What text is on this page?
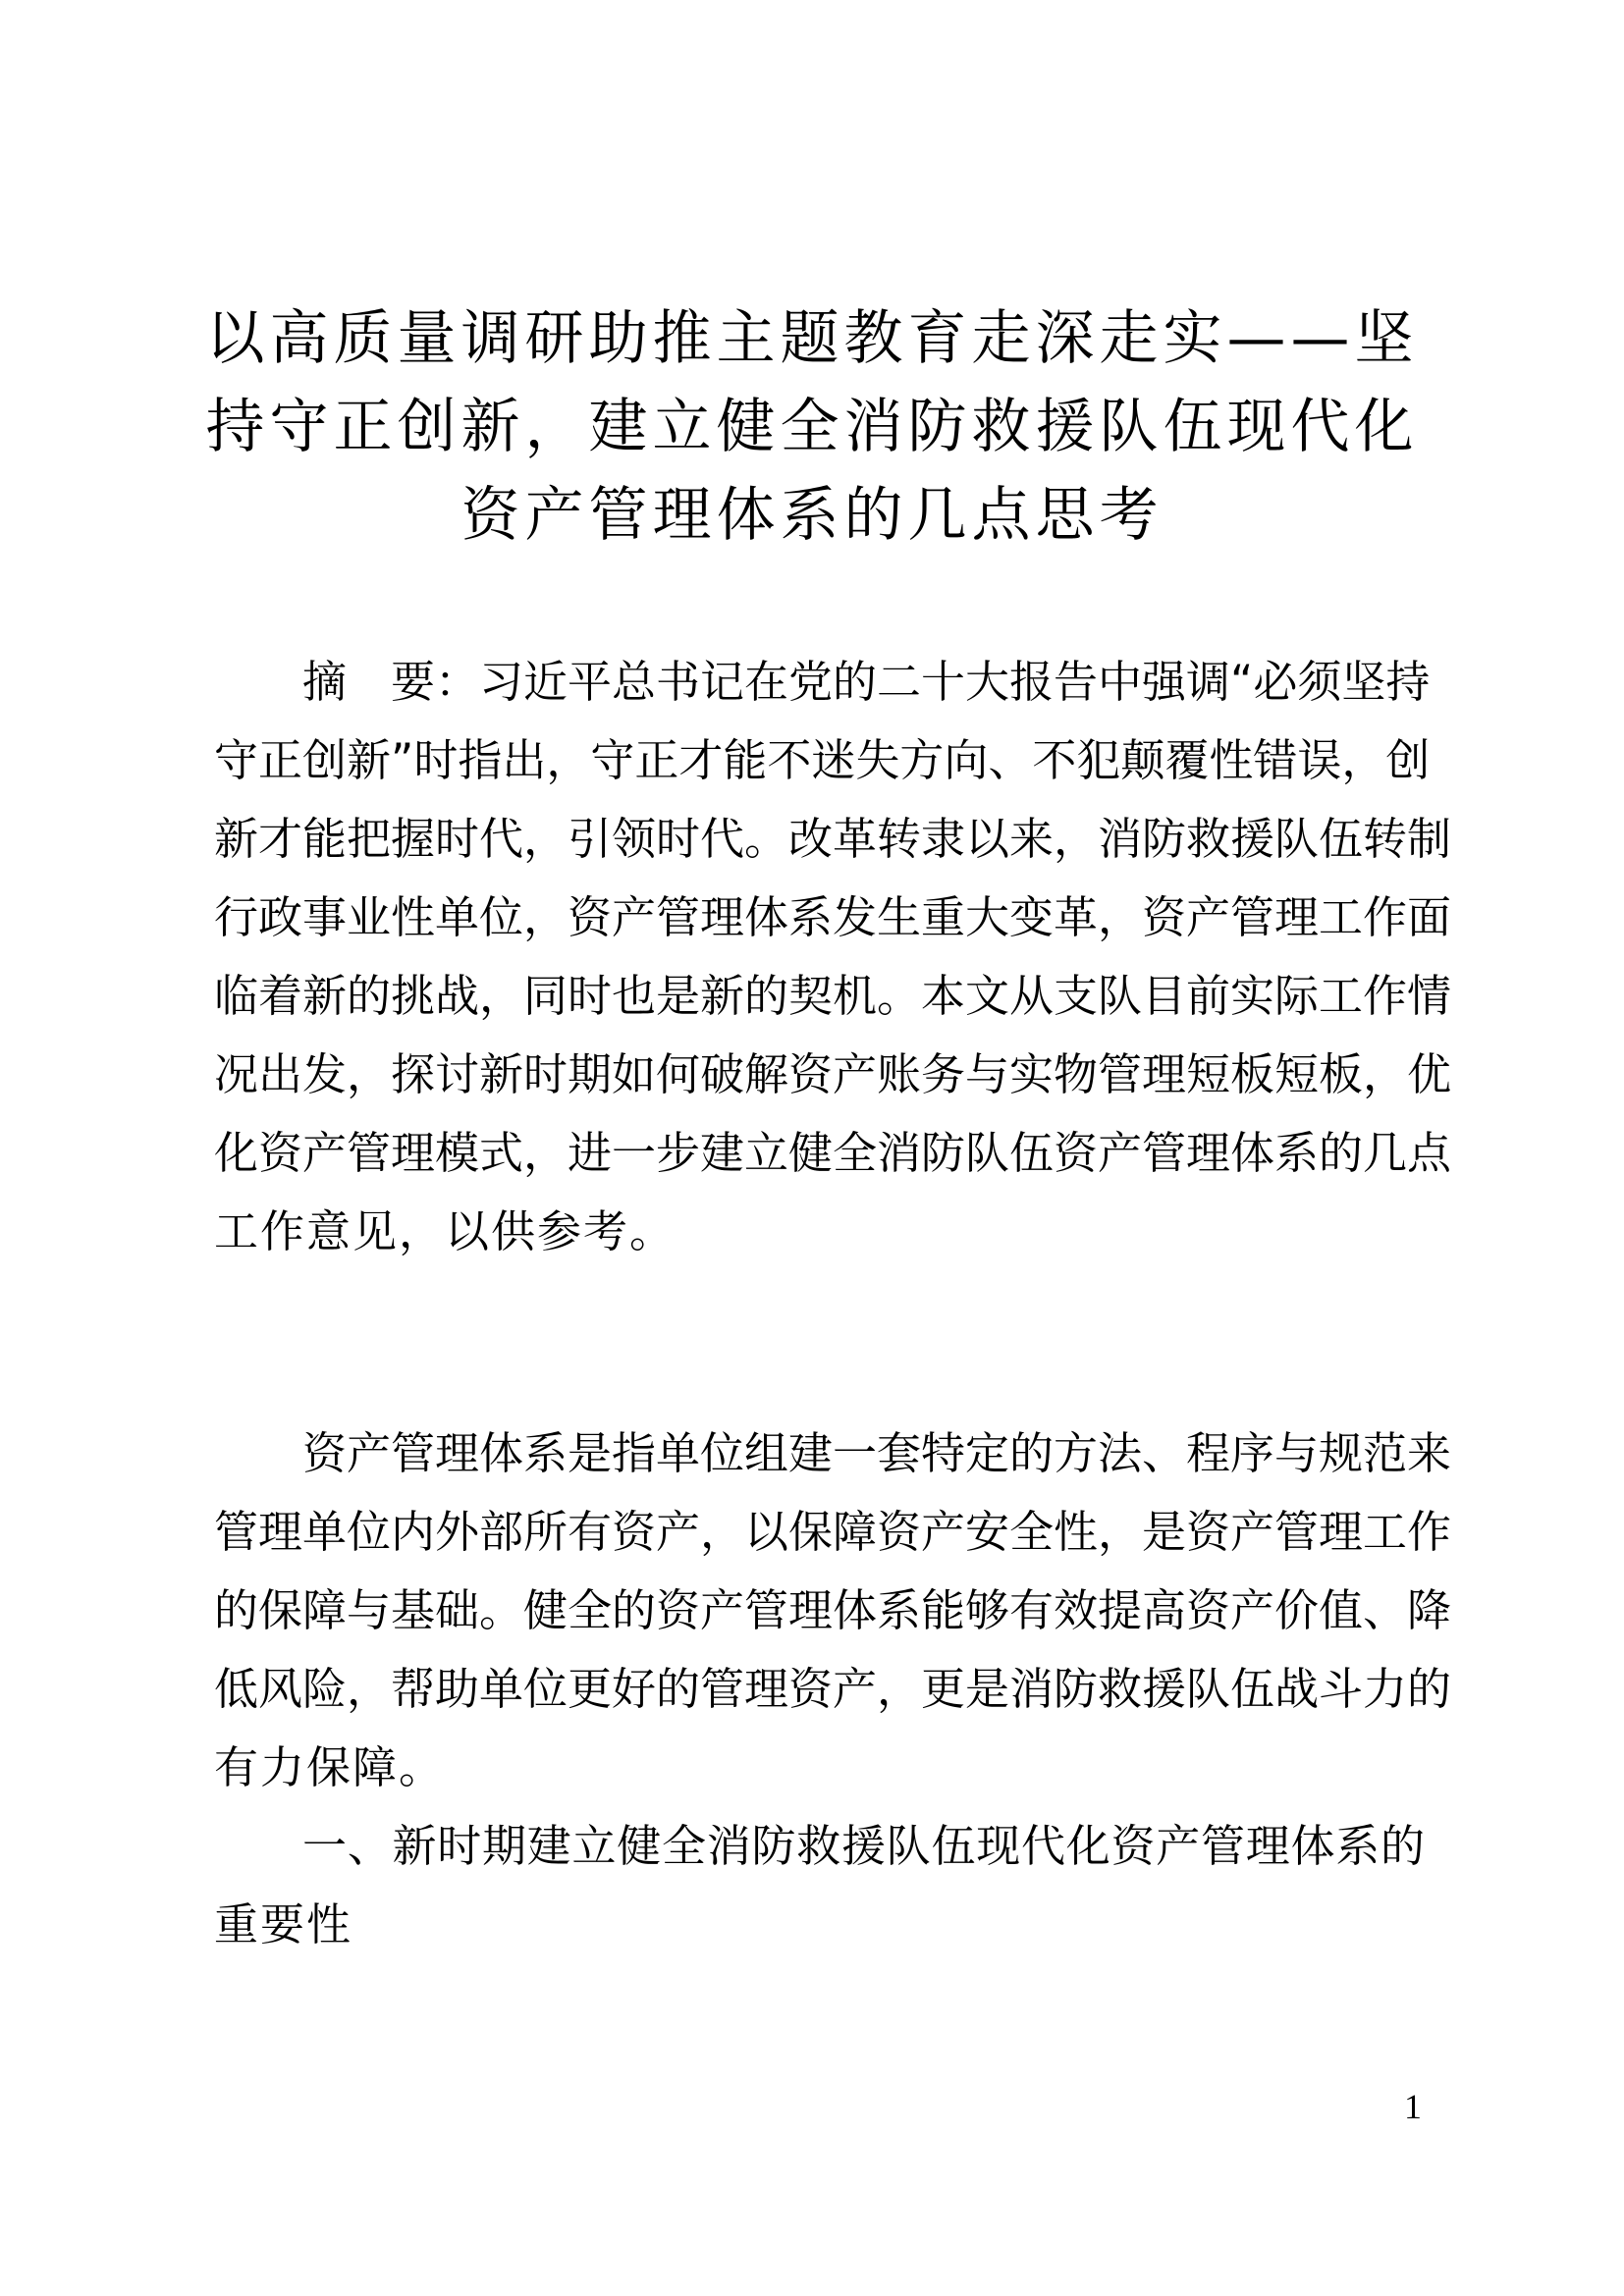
以高质量调研助推主题教育走深走实——坚
持守正创新，建立健全消防救援队伍现代化
资产管理体系的几点思考
摘　要：习近平总书记在党的二十大报告中强调“必须坚持
守正创新”时指出，守正才能不迷失方向、不犯颠覆性错误，创
新才能把握时代，引领时代。改革转隶以来，消防救援队伍转制
行政事业性单位，资产管理体系发生重大变革，资产管理工作面
临着新的挑战，同时也是新的契机。本文从支队目前实际工作情
况出发，探讨新时期如何破解资产账务与实物管理短板短板，优
化资产管理模式，进一步建立健全消防队伍资产管理体系的几点
工作意见，以供参考。
资产管理体系是指单位组建一套特定的方法、程序与规范来
管理单位内外部所有资产，以保障资产安全性，是资产管理工作
的保障与基础。健全的资产管理体系能够有效提高资产价值、降
低风险，帮助单位更好的管理资产，更是消防救援队伍战斗力的
有力保障。
一、新时期建立健全消防救援队伍现代化资产管理体系的
重要性
1
